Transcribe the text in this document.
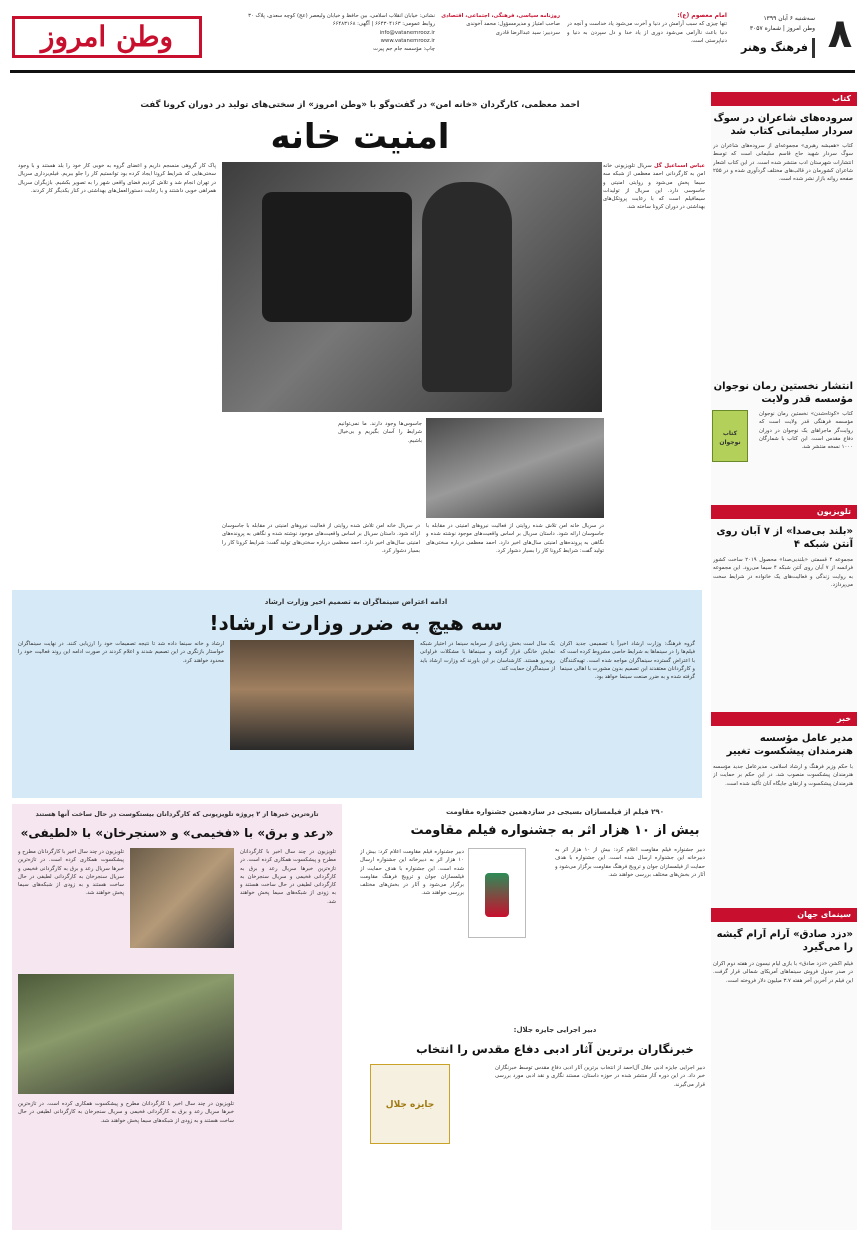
۸
سه‌شنبه ۶ آبان ۱۳۹۹
وطن امروز | شماره ۳۰۵۷
فرهنگ وهنر
امام معصوم (ع):
تنها چیزی که سبب آرامش در دنیا و آخرت می‌شود یاد خداست و آنچه در دنیا باعث ناآرامی می‌شود دوری از یاد خدا و دل سپردن به دنیا و دنیاپرستی است.
روزنامه سیاسی، فرهنگی، اجتماعی، اقتصادی
صاحب امتیاز و مدیرمسؤول: محمد آخوندی
سردبیر: سید عبدالرضا قادری
نشانی: خیابان انقلاب اسلامی، بین حافظ و خیابان ولیعصر (عج) کوچه سعدی، پلاک ۳۰
روابط عمومی: ۶۶۴۳۰۴۱۶۳ | آگهی: ۶۶۴۸۳۱۶۸
info@vatanemrooz.ir
www.vatanemrooz.ir
چاپ: مؤسسه جام جم پیرت
وطن امروز
کتاب
سروده‌های شاعران در سوگ سردار سلیمانی کتاب شد
کتاب «همیشه رهبری» مجموعه‌ای از سروده‌های شاعران در سوگ سردار شهید حاج قاسم سلیمانی است که توسط انتشارات شهرستان ادب منتشر شده است. در این کتاب اشعار شاعران کشورمان در قالب‌های مختلف گردآوری شده و در ۲۵۵ صفحه روانه بازار نشر شده است.
انتشار نخستین رمان نوجوان مؤسسه قدر ولایت
کتاب نوجوان
کتاب «کوتاه‌شدن» نخستین رمان نوجوان مؤسسه فرهنگی قدر ولایت است که روایت‌گر ماجراهای یک نوجوان در دوران دفاع مقدس است. این کتاب با شمارگان ۱۰۰۰ نسخه منتشر شد.
تلویزیون
«بلند بی‌صدا» از ۷ آبان روی آنتن شبکه ۴
مجموعه ۴ قسمتی «بلندبی‌صدا» محصول ۲۰۱۹ ساخت کشور فرانسه از ۷ آبان روی آنتن شبکه ۴ سیما می‌رود. این مجموعه به روایت زندگی و فعالیت‌های یک خانواده در شرایط سخت می‌پردازد.
خبر
مدیر عامل مؤسسه هنرمندان پیشکسوت تغییر
با حکم وزیر فرهنگ و ارشاد اسلامی، مدیرعامل جدید مؤسسه هنرمندان پیشکسوت منصوب شد. در این حکم بر حمایت از هنرمندان پیشکسوت و ارتقای جایگاه آنان تأکید شده است.
سینمای جهان
«دزد صادق» آرام آرام گیشه را می‌گیرد
فیلم اکشن «دزد صادق» با بازی لیام نیسون در هفته دوم اکران در صدر جدول فروش سینماهای آمریکای شمالی قرار گرفت. این فیلم در آخرین آخر هفته ۳.۷ میلیون دلار فروخته است.
احمد معظمی، کارگردان «خانه امن» در گفت‌وگو با «وطن امروز» از سختی‌های تولید در دوران کرونا گفت
امنیت خانه
عباس اسماعیل گل سریال تلویزیونی خانه امن به کارگردانی احمد معظمی از شبکه سه سیما پخش می‌شود و روایتی امنیتی و جاسوسی دارد. این سریال از تولیدات سیمافیلم است که با رعایت پروتکل‌های بهداشتی در دوران کرونا ساخته شد.
در سریال خانه امن تلاش شده روایتی از فعالیت نیروهای امنیتی در مقابله با جاسوسان ارائه شود. داستان سریال بر اساس واقعیت‌های موجود نوشته شده و نگاهی به پرونده‌های امنیتی سال‌های اخیر دارد. احمد معظمی درباره سختی‌های تولید گفت: شرایط کرونا کار را بسیار دشوار کرد.
جاسوس‌ها وجود دارند. ما نمی‌توانیم شرایط را آسان بگیریم و بی‌خیال باشیم.
پاک کار گروهی منسجم داریم و اعضای گروه به خوبی کار خود را بلد هستند و با وجود سختی‌هایی که شرایط کرونا ایجاد کرده بود توانستیم کار را جلو ببریم. فیلم‌برداری سریال در تهران انجام شد و تلاش کردیم فضای واقعی شهر را به تصویر بکشیم. بازیگران سریال همراهی خوبی داشتند و با رعایت دستورالعمل‌های بهداشتی در کنار یکدیگر کار کردند.
در سریال خانه امن تلاش شده روایتی از فعالیت نیروهای امنیتی در مقابله با جاسوسان ارائه شود. داستان سریال بر اساس واقعیت‌های موجود نوشته شده و نگاهی به پرونده‌های امنیتی سال‌های اخیر دارد. احمد معظمی درباره سختی‌های تولید گفت: شرایط کرونا کار را بسیار دشوار کرد.
ادامه اعتراض سینماگران به تصمیم اخیر وزارت ارشاد
سه هیچ به ضرر وزارت ارشاد!
گروه فرهنگ: وزارت ارشاد اخیراً با تصمیمی جدید اکران فیلم‌ها را در سینماها به شرایط خاصی مشروط کرده است که با اعتراض گسترده سینماگران مواجه شده است. تهیه‌کنندگان و کارگردانان معتقدند این تصمیم بدون مشورت با اهالی سینما گرفته شده و به ضرر صنعت سینما خواهد بود.
یک سال است بخش زیادی از سرمایه سینما در اختیار شبکه نمایش خانگی قرار گرفته و سینماها با مشکلات فراوانی روبه‌رو هستند. کارشناسان بر این باورند که وزارت ارشاد باید از سینماگران حمایت کند.
ارشاد و خانه سینما داده شد تا نتیجه تصمیمات خود را ارزیابی کنند. در نهایت سینماگران خواستار بازنگری در این تصمیم شدند و اعلام کردند در صورت ادامه این روند فعالیت خود را محدود خواهند کرد.
۲۹۰ فیلم از فیلمسازان بسیجی در سازدهمین جشنواره مقاومت
بیش از ۱۰ هزار اثر به جشنواره فیلم مقاومت
دبیر جشنواره فیلم مقاومت اعلام کرد: بیش از ۱۰ هزار اثر به دبیرخانه این جشنواره ارسال شده است. این جشنواره با هدف حمایت از فیلمسازان جوان و ترویج فرهنگ مقاومت برگزار می‌شود و آثار در بخش‌های مختلف بررسی خواهند شد.
دبیر جشنواره فیلم مقاومت اعلام کرد: بیش از ۱۰ هزار اثر به دبیرخانه این جشنواره ارسال شده است. این جشنواره با هدف حمایت از فیلمسازان جوان و ترویج فرهنگ مقاومت برگزار می‌شود و آثار در بخش‌های مختلف بررسی خواهند شد.
دبیر اجرایی جایزه جلال:
خبرنگاران برترین آثار ادبی دفاع مقدس را انتخاب
دبیر اجرایی جایزه ادبی جلال آل‌احمد از انتخاب برترین آثار ادبی دفاع مقدس توسط خبرنگاران خبر داد. در این دوره آثار منتشر شده در حوزه داستان، مستند نگاری و نقد ادبی مورد بررسی قرار می‌گیرند.
جایزه جلال
تازه‌ترین خبرها از ۲ پروژه تلویزیونی که کارگردانان بیستکوست در حال ساخت آنها هستند
«رعد و برق» با «فخیمی» و «سنجرخان» با «لطیفی»
تلویزیون در چند سال اخیر با کارگردانان مطرح و پیشکسوت همکاری کرده است. در تازه‌ترین خبرها سریال رعد و برق به کارگردانی فخیمی و سریال سنجرخان به کارگردانی لطیفی در حال ساخت هستند و به زودی از شبکه‌های سیما پخش خواهند شد.
تلویزیون در چند سال اخیر با کارگردانان مطرح و پیشکسوت همکاری کرده است. در تازه‌ترین خبرها سریال رعد و برق به کارگردانی فخیمی و سریال سنجرخان به کارگردانی لطیفی در حال ساخت هستند و به زودی از شبکه‌های سیما پخش خواهند شد.
تلویزیون در چند سال اخیر با کارگردانان مطرح و پیشکسوت همکاری کرده است. در تازه‌ترین خبرها سریال رعد و برق به کارگردانی فخیمی و سریال سنجرخان به کارگردانی لطیفی در حال ساخت هستند و به زودی از شبکه‌های سیما پخش خواهند شد.
